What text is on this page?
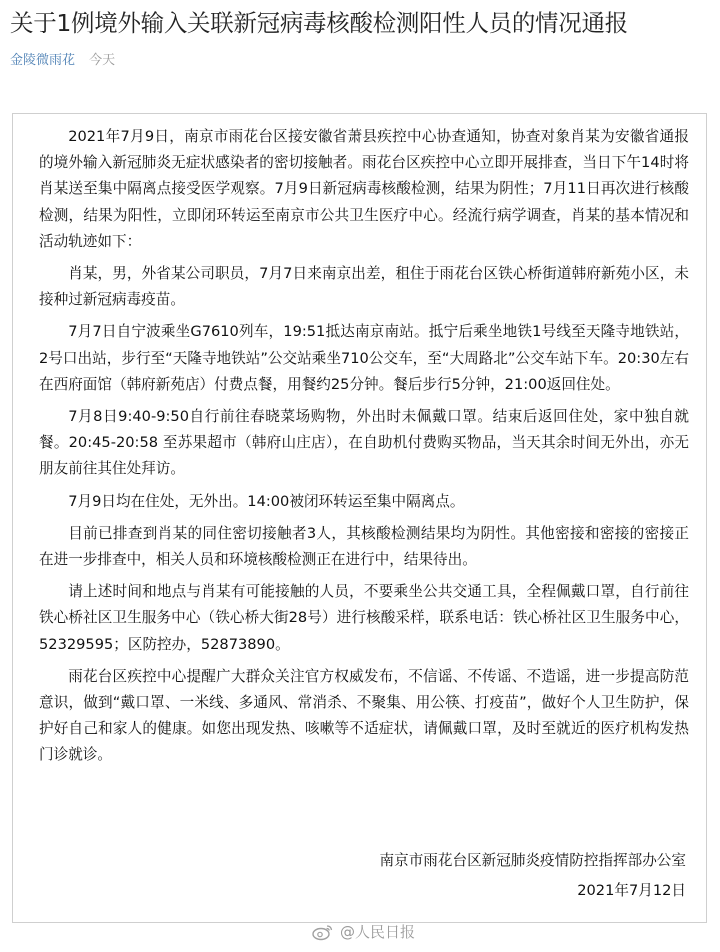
关于1例境外输入关联新冠病毒核酸检测阳性人员的情况通报
金陵微雨花 今天

2021年7月9日，南京市雨花台区接安徽省萧县疾控中心协查通知，协查对象肖某为安徽省通报的境外输入新冠肺炎无症状感染者的密切接触者。雨花台区疾控中心立即开展排查，当日下午14时将肖某送至集中隔离点接受医学观察。7月9日新冠病毒核酸检测，结果为阴性；7月11日再次进行核酸检测，结果为阳性，立即闭环转运至南京市公共卫生医疗中心。经流行病学调查，肖某的基本情况和活动轨迹如下：

肖某，男，外省某公司职员，7月7日来南京出差，租住于雨花台区铁心桥街道韩府新苑小区，未接种过新冠病毒疫苗。

7月7日自宁波乘坐G7610列车，19:51抵达南京南站。抵宁后乘坐地铁1号线至天隆寺地铁站，2号口出站，步行至“天隆寺地铁站”公交站乘坐710公交车，至“大周路北”公交车站下车。20:30左右在西府面馆（韩府新苑店）付费点餐，用餐约25分钟。餐后步行5分钟，21:00返回住处。

7月8日9:40-9:50自行前往春晓菜场购物，外出时未佩戴口罩。结束后返回住处，家中独自就餐。20:45-20:58 至苏果超市（韩府山庄店），在自助机付费购买物品，当天其余时间无外出，亦无朋友前往其住处拜访。

7月9日均在住处，无外出。14:00被闭环转运至集中隔离点。

目前已排查到肖某的同住密切接触者3人，其核酸检测结果均为阴性。其他密接和密接的密接正在进一步排查中，相关人员和环境核酸检测正在进行中，结果待出。

请上述时间和地点与肖某有可能接触的人员，不要乘坐公共交通工具，全程佩戴口罩，自行前往铁心桥社区卫生服务中心（铁心桥大街28号）进行核酸采样，联系电话：铁心桥社区卫生服务中心，52329595；区防控办，52873890。

雨花台区疾控中心提醒广大群众关注官方权威发布，不信谣、不传谣、不造谣，进一步提高防范意识，做到“戴口罩、一米线、多通风、常消杀、不聚集、用公筷、打疫苗”，做好个人卫生防护，保护好自己和家人的健康。如您出现发热、咳嗽等不适症状，请佩戴口罩，及时至就近的医疗机构发热门诊就诊。

南京市雨花台区新冠肺炎疫情防控指挥部办公室
2021年7月12日
@人民日报
